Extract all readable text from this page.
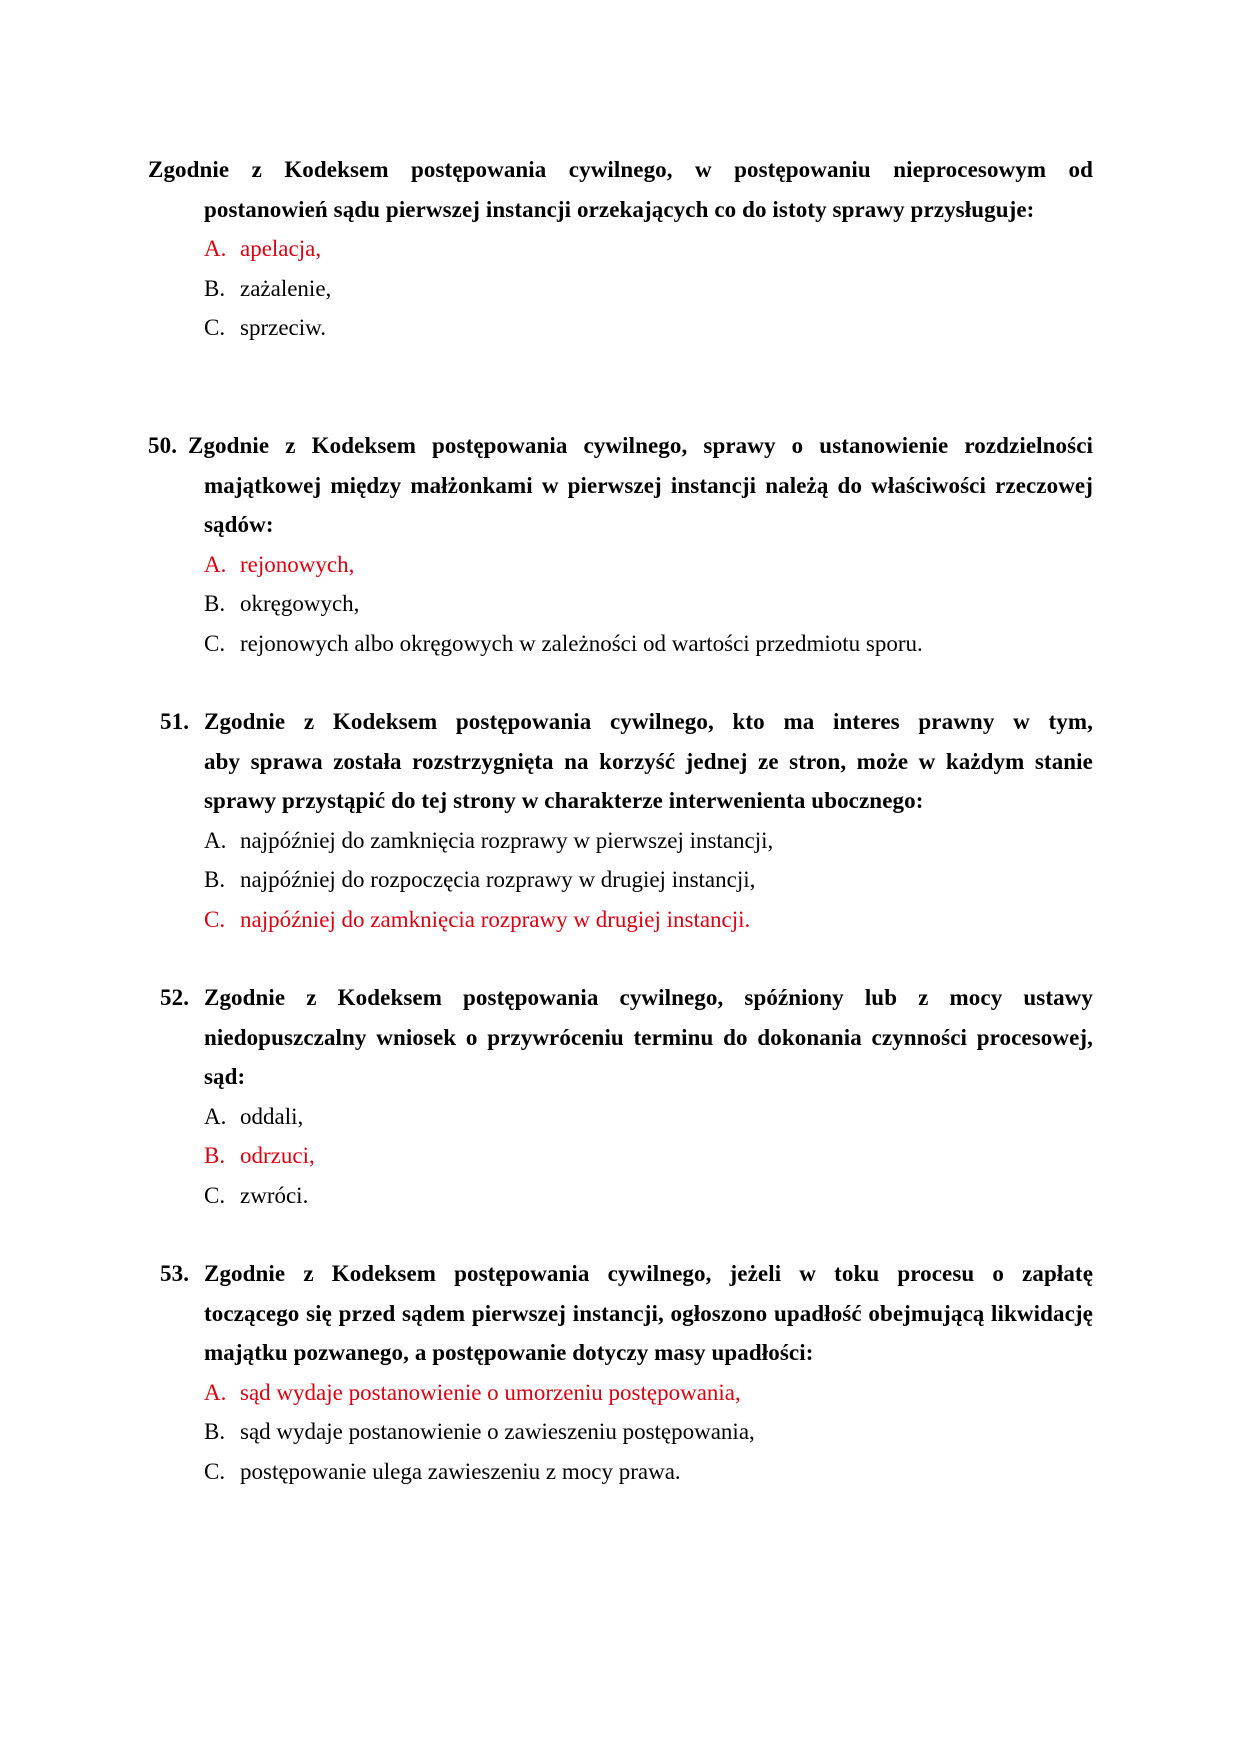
Zgodnie z Kodeksem postępowania cywilnego, w postępowaniu nieprocesowym od
postanowień sądu pierwszej instancji orzekających co do istoty sprawy przysługuje:
A. apelacja,
B. zażalenie,
C. sprzeciw.
50. Zgodnie z Kodeksem postępowania cywilnego, sprawy o ustanowienie rozdzielności
majątkowej między małżonkami w pierwszej instancji należą do właściwości rzeczowej sądów:
A. rejonowych,
B. okręgowych,
C. rejonowych albo okręgowych w zależności od wartości przedmiotu sporu.
51. Zgodnie z Kodeksem postępowania cywilnego, kto ma interes prawny w tym,
aby sprawa została rozstrzygnięta na korzyść jednej ze stron, może w każdym stanie sprawy przystąpić do tej strony w charakterze interwenienta ubocznego:
A. najpóźniej do zamknięcia rozprawy w pierwszej instancji,
B. najpóźniej do rozpoczęcia rozprawy w drugiej instancji,
C. najpóźniej do zamknięcia rozprawy w drugiej instancji.
52. Zgodnie z Kodeksem postępowania cywilnego, spóźniony lub z mocy ustawy
niedopuszczalny wniosek o przywróceniu terminu do dokonania czynności procesowej, sąd:
A. oddali,
B. odrzuci,
C. zwróci.
53. Zgodnie z Kodeksem postępowania cywilnego, jeżeli w toku procesu o zapłatę
toczącego się przed sądem pierwszej instancji, ogłoszono upadłość obejmującą likwidację majątku pozwanego, a postępowanie dotyczy masy upadłości:
A. sąd wydaje postanowienie o umorzeniu postępowania,
B. sąd wydaje postanowienie o zawieszeniu postępowania,
C. postępowanie ulega zawieszeniu z mocy prawa.
